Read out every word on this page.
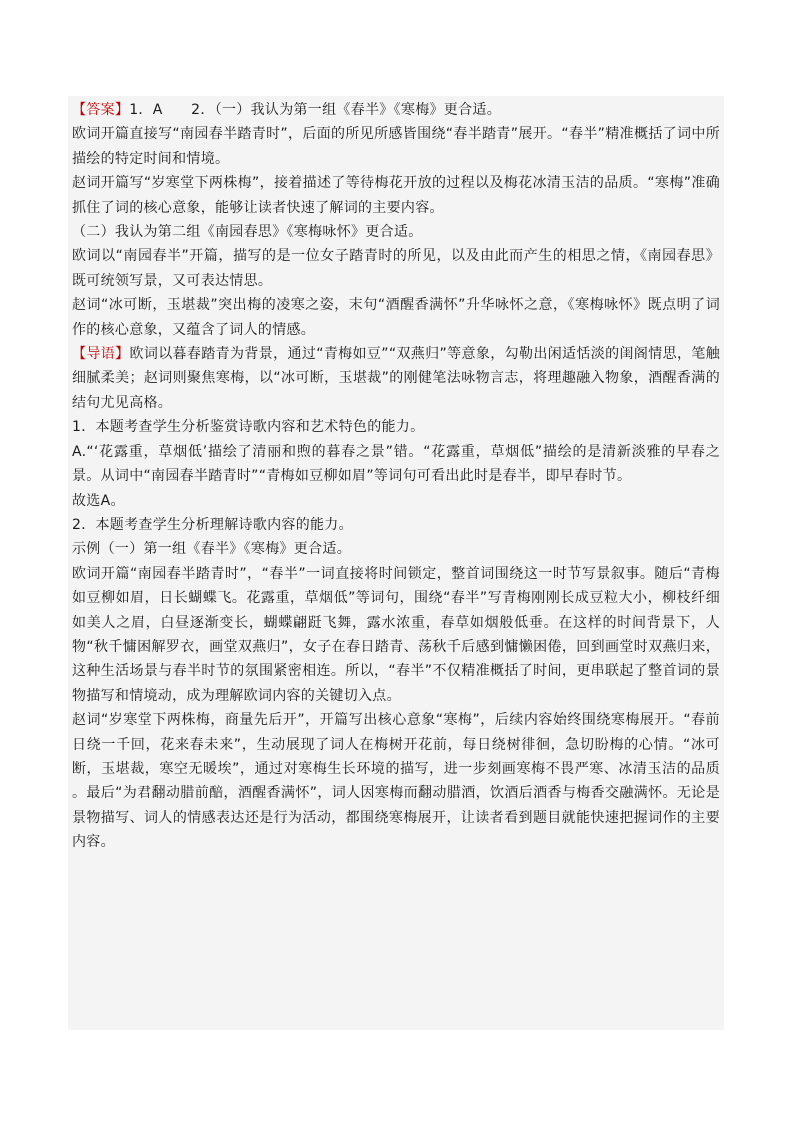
【答案】1．A　　2．（一）我认为第一组《春半》《寒梅》更合适。

欧词开篇直接写“南园春半踏青时”，后面的所见所感皆围绕“春半踏青”展开。“春半”精准概括了词中所描绘的特定时间和情境。

赵词开篇写“岁寒堂下两株梅”，接着描述了等待梅花开放的过程以及梅花冰清玉洁的品质。“寒梅”准确抓住了词的核心意象，能够让读者快速了解词的主要内容。

（二）我认为第二组《南园春思》《寒梅咏怀》更合适。

欧词以“南园春半”开篇，描写的是一位女子踏青时的所见，以及由此而产生的相思之情，《南园春思》既可统领写景，又可表达情思。

赵词“冰可断，玉堪裁”突出梅的凌寒之姿，末句“酒醒香满怀”升华咏怀之意，《寒梅咏怀》既点明了词作的核心意象，又蕴含了词人的情感。

【导语】欧词以暮春踏青为背景，通过“青梅如豆”“双燕归”等意象，勾勒出闲适恬淡的闺阁情思，笔触细腻柔美；赵词则聚焦寒梅，以“冰可断，玉堪裁”的刚健笔法咏物言志，将理趣融入物象，酒醒香满的结句尤见高格。

1．本题考查学生分析鉴赏诗歌内容和艺术特色的能力。

A.“‘花露重，草烟低’描绘了清丽和煦的暮春之景”错。“花露重，草烟低”描绘的是清新淡雅的早春之景。从词中“南园春半踏青时”“青梅如豆柳如眉”等词句可看出此时是春半，即早春时节。

故选A。

2．本题考查学生分析理解诗歌内容的能力。

示例（一）第一组《春半》《寒梅》更合适。

欧词开篇“南园春半踏青时”，“春半”一词直接将时间锁定，整首词围绕这一时节写景叙事。随后“青梅如豆柳如眉，日长蝴蝶飞。花露重，草烟低”等词句，围绕“春半”写青梅刚刚长成豆粒大小，柳枝纤细如美人之眉，白昼逐渐变长，蝴蝶翩跹飞舞，露水浓重，春草如烟般低垂。在这样的时间背景下，人物“秋千慵困解罗衣，画堂双燕归”，女子在春日踏青、荡秋千后感到慵懒困倦，回到画堂时双燕归来，这种生活场景与春半时节的氛围紧密相连。所以，“春半”不仅精准概括了时间，更串联起了整首词的景物描写和情境动，成为理解欧词内容的关键切入点。

赵词“岁寒堂下两株梅，商量先后开”，开篇写出核心意象“寒梅”，后续内容始终围绕寒梅展开。“春前日绕一千回，花来春未来”，生动展现了词人在梅树开花前，每日绕树徘徊，急切盼梅的心情。“冰可断，玉堪裁，寒空无暖埃”，通过对寒梅生长环境的描写，进一步刻画寒梅不畏严寒、冰清玉洁的品质 。最后“为君翻动腊前醅，酒醒香满怀”，词人因寒梅而翻动腊酒，饮酒后酒香与梅香交融满怀。无论是景物描写、词人的情感表达还是行为活动，都围绕寒梅展开，让读者看到题目就能快速把握词作的主要内容。
